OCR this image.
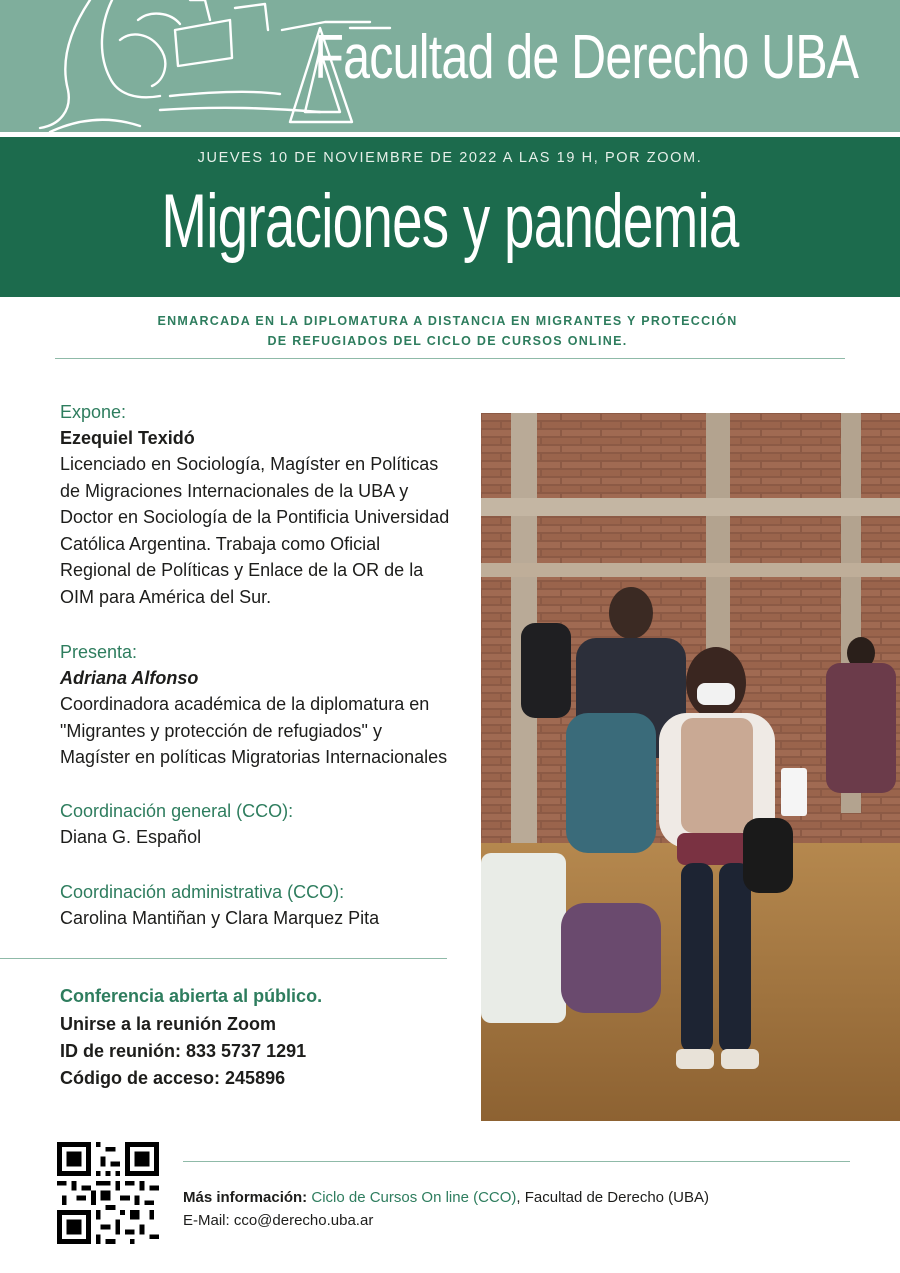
Facultad de Derecho UBA
JUEVES 10 DE NOVIEMBRE DE 2022 A LAS 19 H, POR ZOOM.
Migraciones y pandemia
ENMARCADA EN LA DIPLOMATURA A DISTANCIA EN MIGRANTES Y PROTECCIÓN
DE REFUGIADOS DEL CICLO DE CURSOS ONLINE.
Expone:
Ezequiel Texidó
Licenciado en Sociología, Magíster en Políticas
de Migraciones Internacionales de la UBA y
Doctor en Sociología de la Pontificia Universidad
Católica Argentina. Trabaja como Oficial
Regional de Políticas y Enlace de la OR de la
OIM para América del Sur.
Presenta:
Adriana Alfonso
Coordinadora académica de la diplomatura en
"Migrantes y protección de refugiados" y
Magíster en políticas Migratorias Internacionales
Coordinación general (CCO):
Diana G. Español
Coordinación administrativa (CCO):
Carolina Mantiñan y Clara Marquez Pita
Conferencia abierta al público.
Unirse a la reunión Zoom
ID de reunión: 833 5737 1291
Código de acceso: 245896
Más información: Ciclo de Cursos On line (CCO), Facultad de Derecho (UBA)
E-Mail: cco@derecho.uba.ar
